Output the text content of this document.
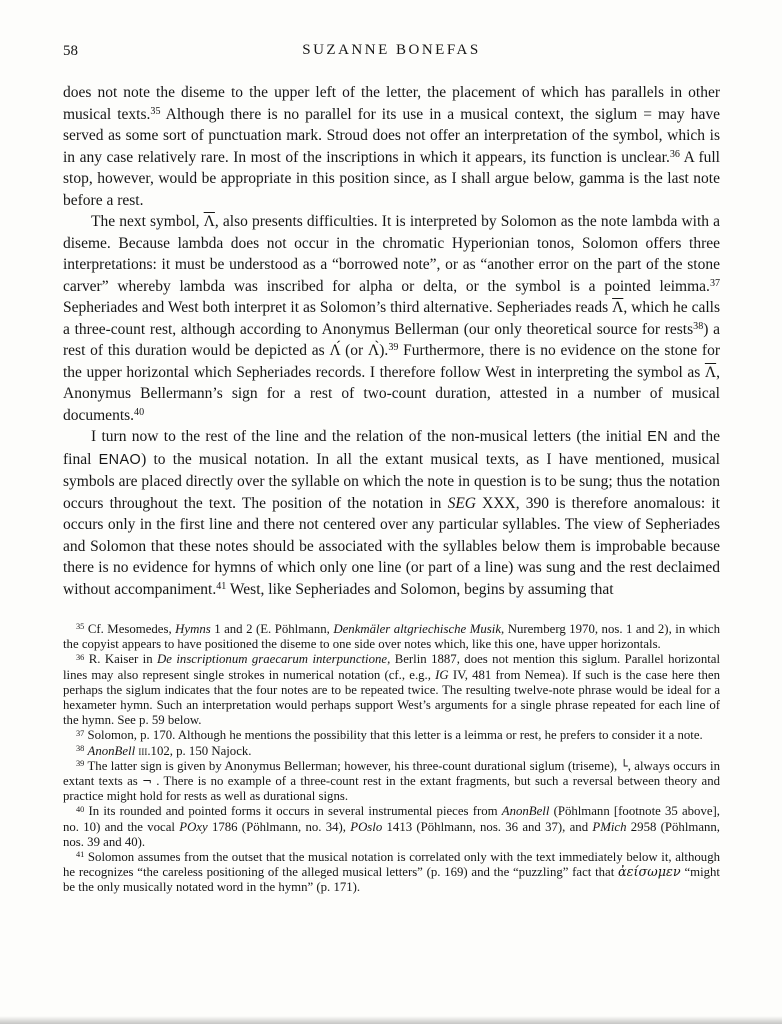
58	SUZANNE BONEFAS

does not note the diseme to the upper left of the letter, the placement of which has parallels in other musical texts.$^{35}$ Although there is no parallel for its use in a musical context, the siglum = may have served as some sort of punctuation mark. Stroud does not offer an interpretation of the symbol, which is in any case relatively rare. In most of the inscriptions in which it appears, its function is unclear.$^{36}$ A full stop, however, would be appropriate in this position since, as I shall argue below, gamma is the last note before a rest.

The next symbol, $\overline{\Lambda}$, also presents difficulties. It is interpreted by Solomon as the note lambda with a diseme. Because lambda does not occur in the chromatic Hyperionian tonos, Solomon offers three interpretations: it must be understood as a “borrowed note”, or as “another error on the part of the stone carver” whereby lambda was inscribed for alpha or delta, or the symbol is a pointed leimma.$^{37}$ Sepheriades and West both interpret it as Solomon’s third alternative. Sepheriades reads $\overline{\Lambda}$, which he calls a three-count rest, although according to Anonymus Bellerman (our only theoretical source for rests$^{38}$) a rest of this duration would be depicted as Λ́ (or Λ̀).$^{39}$ Furthermore, there is no evidence on the stone for the upper horizontal which Sepheriades records. I therefore follow West in interpreting the symbol as $\overline{\Lambda}$, Anonymus Bellermann’s sign for a rest of two-count duration, attested in a number of musical documents.$^{40}$

I turn now to the rest of the line and the relation of the non-musical letters (the initial EN and the final ENAO) to the musical notation. In all the extant musical texts, as I have mentioned, musical symbols are placed directly over the syllable on which the note in question is to be sung; thus the notation occurs throughout the text. The position of the notation in SEG XXX, 390 is therefore anomalous: it occurs only in the first line and there not centered over any particular syllables. The view of Sepheriades and Solomon that these notes should be associated with the syllables below them is improbable because there is no evidence for hymns of which only one line (or part of a line) was sung and the rest declaimed without accompaniment.$^{41}$ West, like Sepheriades and Solomon, begins by assuming that

$^{35}$ Cf. Mesomedes, Hymns 1 and 2 (E. Pöhlmann, Denkmäler altgriechische Musik, Nuremberg 1970, nos. 1 and 2), in which the copyist appears to have positioned the diseme to one side over notes which, like this one, have upper horizontals.

$^{36}$ R. Kaiser in De inscriptionum graecarum interpunctione, Berlin 1887, does not mention this siglum. Parallel horizontal lines may also represent single strokes in numerical notation (cf., e.g., IG IV, 481 from Nemea). If such is the case here then perhaps the siglum indicates that the four notes are to be repeated twice. The resulting twelve-note phrase would be ideal for a hexameter hymn. Such an interpretation would perhaps support West’s arguments for a single phrase repeated for each line of the hymn. See p. 59 below.

$^{37}$ Solomon, p. 170. Although he mentions the possibility that this letter is a leimma or rest, he prefers to consider it a note.

$^{38}$ AnonBell iii.102, p. 150 Najock.

$^{39}$ The latter sign is given by Anonymus Bellerman; however, his three-count durational siglum (triseme), └, always occurs in extant texts as ¬ . There is no example of a three-count rest in the extant fragments, but such a reversal between theory and practice might hold for rests as well as durational signs.

$^{40}$ In its rounded and pointed forms it occurs in several instrumental pieces from AnonBell (Pöhlmann [footnote 35 above], no. 10) and the vocal POxy 1786 (Pöhlmann, no. 34), POslo 1413 (Pöhlmann, nos. 36 and 37), and PMich 2958 (Pöhlmann, nos. 39 and 40).

$^{41}$ Solomon assumes from the outset that the musical notation is correlated only with the text immediately below it, although he recognizes “the careless positioning of the alleged musical letters” (p. 169) and the “puzzling” fact that ἀείσωμεν “might be the only musically notated word in the hymn” (p. 171).
